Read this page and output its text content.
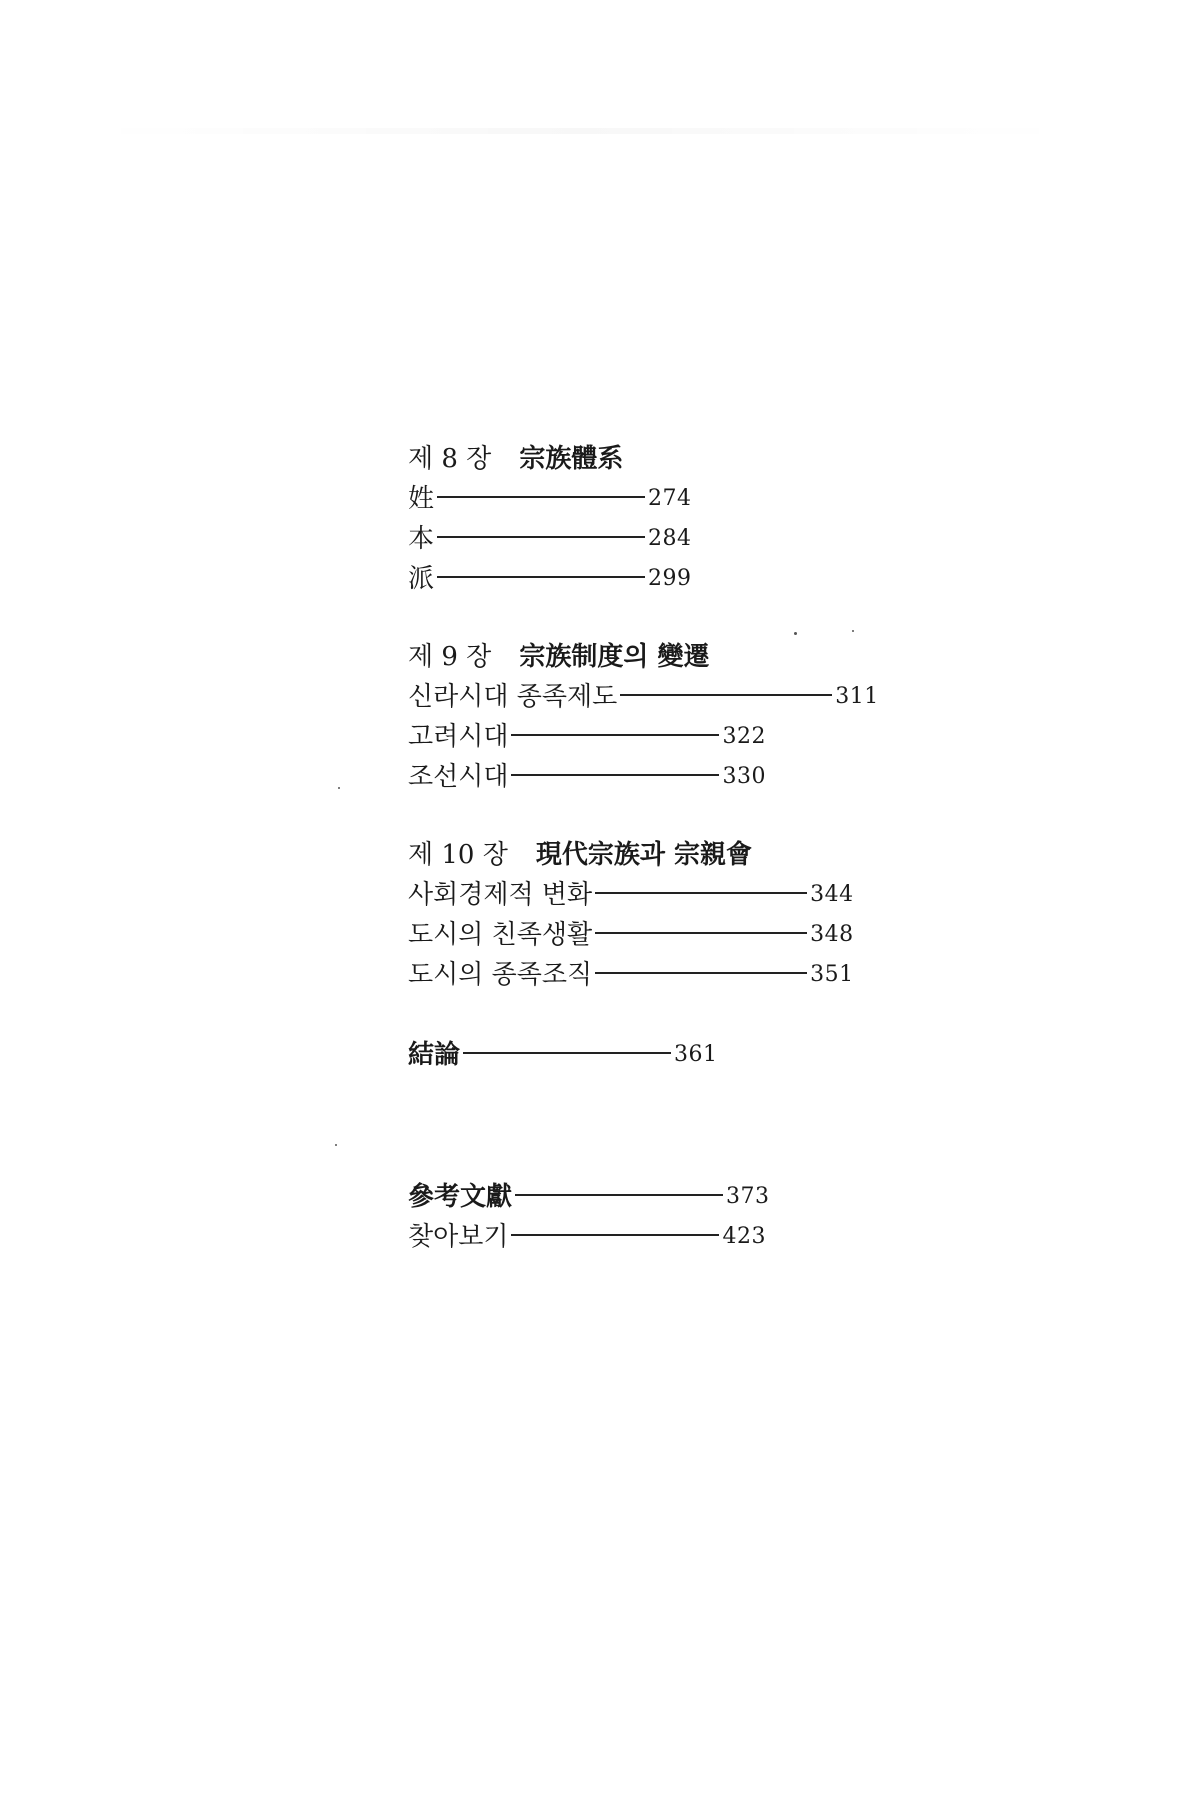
제 8 장 宗族體系
姓	274
本	284
派	299
제 9 장 宗族制度의 變遷
신라시대 종족제도	311
고려시대	322
조선시대	330
제 10 장 現代宗族과 宗親會
사회경제적 변화	344
도시의 친족생활	348
도시의 종족조직	351
結論	361
參考文獻	373
찾아보기	423
